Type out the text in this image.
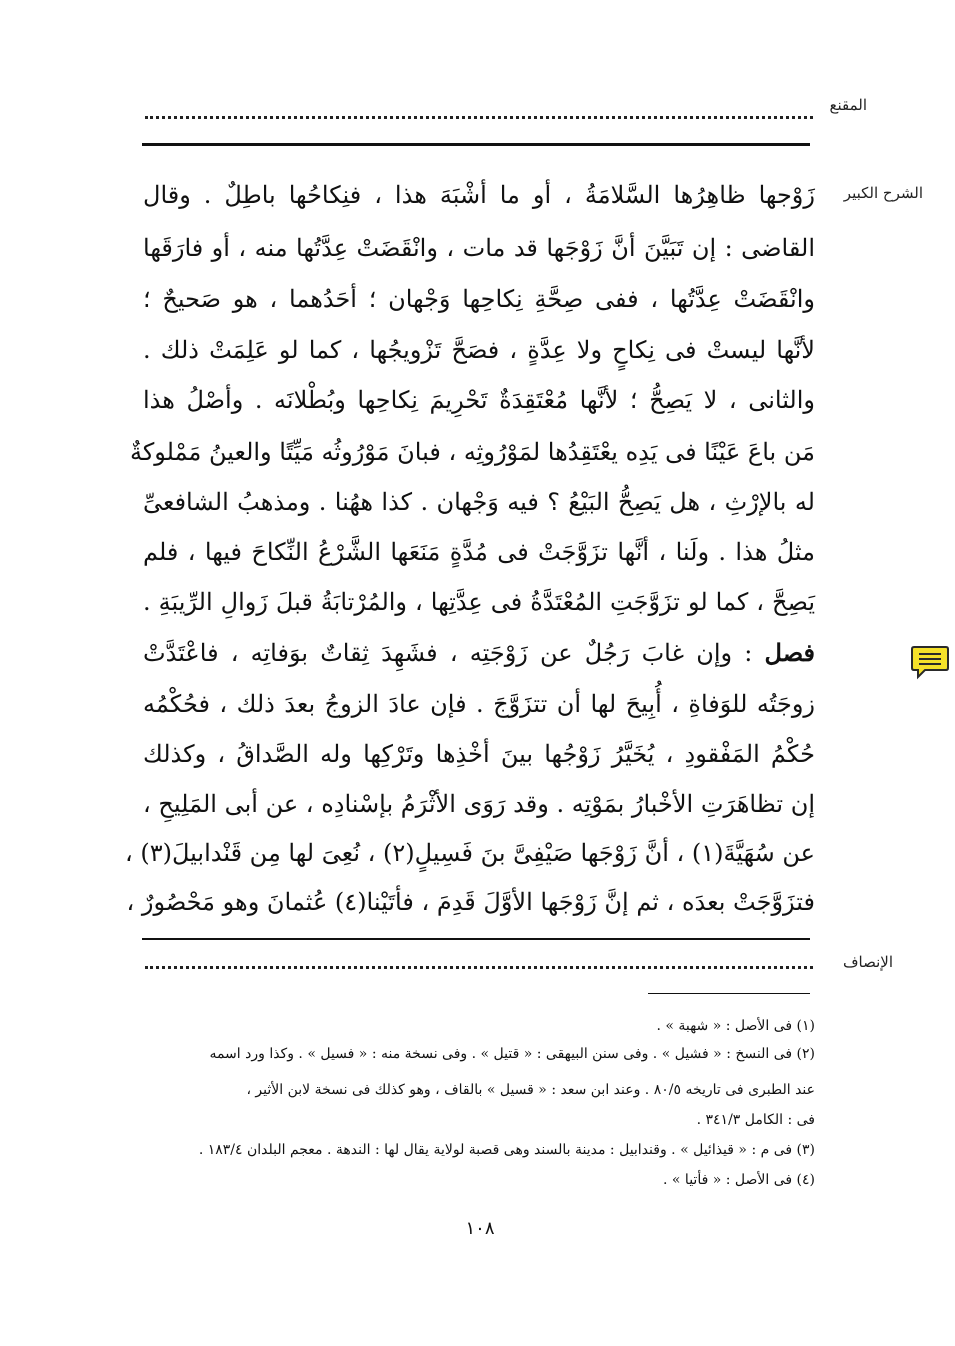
المقنع
الشرح الكبير
زَوْجها ظاهِرُها السَّلامَةُ ، أو ما أشْبَهَ هذا ، فنِكاحُها باطِلٌ . وقال
القاضى : إن تَبَيَّنَ أنَّ زَوْجَها قد مات ، وانْقَضَتْ عِدَّتُها منه ، أو فارَقَها
وانْقَضَتْ عِدَّتُها ، ففى صِحَّةِ نِكاحِها وَجْهان ؛ أحَدُهما ، هو صَحيحٌ ؛
لأنَّها ليستْ فى نِكاحٍ ولا عِدَّةٍ ، فصَحَّ تَزْويجُها ، كما لو عَلِمَتْ ذلك .
والثانى ، لا يَصِحُّ ؛ لأنَّها مُعْتَقِدَةٌ تَحْرِيمَ نِكاحِها وبُطْلانَه . وأصْلُ هذا
مَن باعَ عَيْنًا فى يَدِه يعْتَقِدُها لمَوْرُوثِه ، فبانَ مَوْرُوثُه مَيِّتًا والعينُ مَمْلوكةٌ
له بالإرْثِ ، هل يَصِحُّ البَيْعُ ؟ فيه وَجْهان . كذا ههُنا . ومذهبُ الشافعىِّ
مثلُ هذا . ولَنا ، أنَّها تزَوَّجَتْ فى مُدَّةٍ مَنَعَها الشَّرْعُ النِّكاحَ فيها ، فلم
يَصِحَّ ، كما لو تزَوَّجَتِ المُعْتَدَّةُ فى عِدَّتِها ، والمُرْتابَةُ قبلَ زَوالِ الرِّيبَةِ .
فصل : وإن غابَ رَجُلٌ عن زَوْجَتِه ، فشَهِدَ ثِقاتٌ بوَفاتِه ، فاعْتَدَّتْ
زوجَتُه للوَفاةِ ، أُبِيحَ لها أن تتزَوَّجَ . فإن عادَ الزوجُ بعدَ ذلك ، فحُكْمُه
حُكْمُ المَفْقودِ ، يُخَيَّرُ زَوْجُها بينَ أخْذِها وتَرْكِها وله الصَّداقُ ، وكذلك
إن تظاهَرَتِ الأخْبارُ بمَوْتِه . وقد رَوَى الأثْرَمُ بإسْنادِه ، عن أبى المَلِيحِ ،
عن سُهَيَّةَ(١) ، أنَّ زَوْجَها صَيْفِىَّ بنَ فَسِيلٍ(٢) ، نُعِىَ لها مِن قَنْدابيلَ(٣) ،
فتزَوَّجَتْ بعدَه ، ثم إنَّ زَوْجَها الأوَّلَ قَدِمَ ، فأتَيْنا(٤) عُثمانَ وهو مَحْصُورٌ ،
الإنصاف
(١) فى الأصل : « شهبة » .
(٢) فى النسخ : « فشيل » . وفى سنن البيهقى : « قتيل » . وفى نسخة منه : « فسيل » . وكذا ورد اسمه
عند الطبرى فى تاريخه ٨٠/٥ . وعند ابن سعد : « قسيل » بالقاف ، وهو كذلك فى نسخة لابن الأثير ،
فى : الكامل ٣٤١/٣ .
(٣) فى م : « قيذائيل » . وقندابيل : مدينة بالسند وهى قصبة لولاية يقال لها : الندهة . معجم البلدان ١٨٣/٤ .
(٤) فى الأصل : « فأتيا » .
١٠٨
